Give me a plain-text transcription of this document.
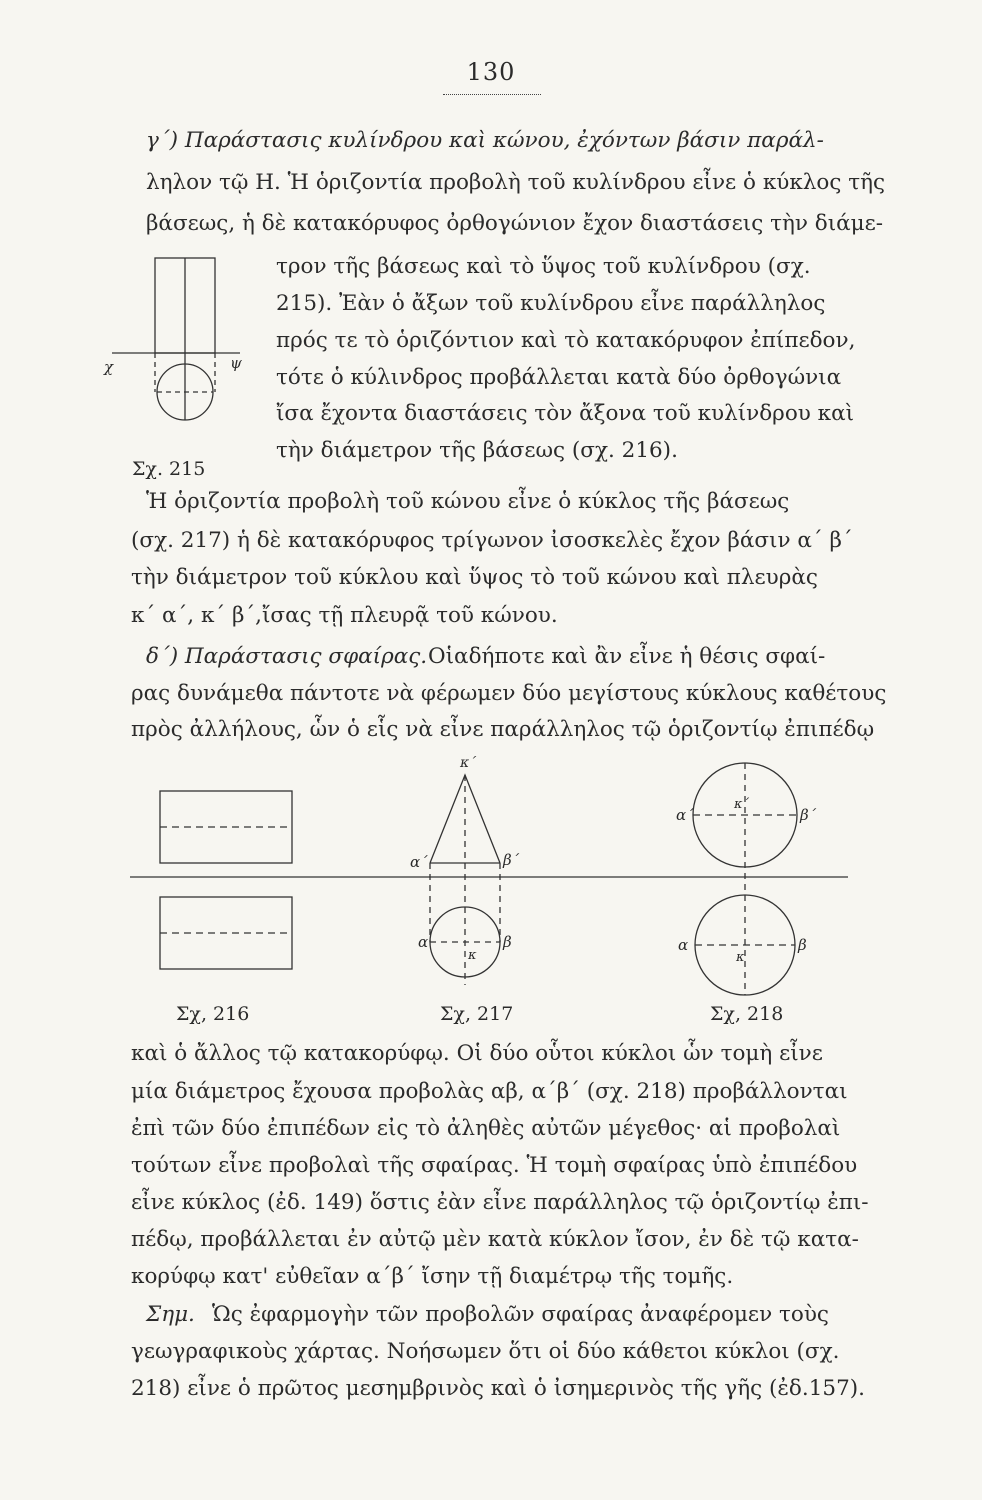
130
γ΄) Παράστασις κυλίνδρου καὶ κώνου, ἐχόντων βάσιν παράλ-
ληλον τῷ Η. Ἡ ὁριζοντία προβολὴ τοῦ κυλίνδρου εἶνε ὁ κύκλος τῆς
βάσεως, ἡ δὲ κατακόρυφος ὀρθογώνιον ἔχον διαστάσεις τὴν διάμε-
τρον τῆς βάσεως καὶ τὸ ὕψος τοῦ κυλίνδρου (σχ.
215). Ἐὰν ὁ ἄξων τοῦ κυλίνδρου εἶνε παράλληλος
πρός τε τὸ ὁριζόντιον καὶ τὸ κατακόρυφον ἐπίπεδον,
τότε ὁ κύλινδρος προβάλλεται κατὰ δύο ὀρθογώνια
ἴσα ἔχοντα διαστάσεις τὸν ἄξονα τοῦ κυλίνδρου καὶ
τὴν διάμετρον τῆς βάσεως (σχ. 216).
Ἡ ὁριζοντία προβολὴ τοῦ κώνου εἶνε ὁ κύκλος τῆς βάσεως
(σχ. 217) ἡ δὲ κατακόρυφος τρίγωνον ἰσοσκελὲς ἔχον βάσιν α΄ β΄
τὴν διάμετρον τοῦ κύκλου καὶ ὕψος τὸ τοῦ κώνου καὶ πλευρὰς
κ΄ α΄, κ΄ β΄,ἴσας τῇ πλευρᾷ τοῦ κώνου.
δ΄) Παράστασις σφαίρας. Οἱαδήποτε καὶ ἂν εἶνε ἡ θέσις σφαί-
ρας δυνάμεθα πάντοτε νὰ φέρωμεν δύο μεγίστους κύκλους καθέτους
πρὸς ἀλλήλους, ὧν ὁ εἷς νὰ εἶνε παράλληλος τῷ ὁριζοντίῳ ἐπιπέδῳ
χ	ψ
Σχ. 215
κ΄
α΄	β΄
α
κ
β
α΄
κ΄
β΄
α
κ
β
Σχ, 216	Σχ, 217	Σχ, 218
καὶ ὁ ἄλλος τῷ κατακορύφῳ. Οἱ δύο οὗτοι κύκλοι ὧν τομὴ εἶνε
μία διάμετρος ἔχουσα προβολὰς αβ, α΄β΄ (σχ. 218) προβάλλονται
ἐπὶ τῶν δύο ἐπιπέδων εἰς τὸ ἀληθὲς αὐτῶν μέγεθος· αἱ προβολαὶ
τούτων εἶνε προβολαὶ τῆς σφαίρας. Ἡ τομὴ σφαίρας ὑπὸ ἐπιπέδου
εἶνε κύκλος (ἐδ. 149) ὅστις ἐὰν εἶνε παράλληλος τῷ ὁριζοντίῳ ἐπι-
πέδῳ, προβάλλεται ἐν αὐτῷ μὲν κατὰ κύκλον ἴσον, ἐν δὲ τῷ κατα-
κορύφῳ κατ' εὐθεῖαν α΄β΄ ἴσην τῇ διαμέτρῳ τῆς τομῆς.
Σημ. Ὡς ἐφαρμογὴν τῶν προβολῶν σφαίρας ἀναφέρομεν τοὺς
γεωγραφικοὺς χάρτας. Νοήσωμεν ὅτι οἱ δύο κάθετοι κύκλοι (σχ.
218) εἶνε ὁ πρῶτος μεσημβρινὸς καὶ ὁ ἰσημερινὸς τῆς γῆς (ἐδ.157).
